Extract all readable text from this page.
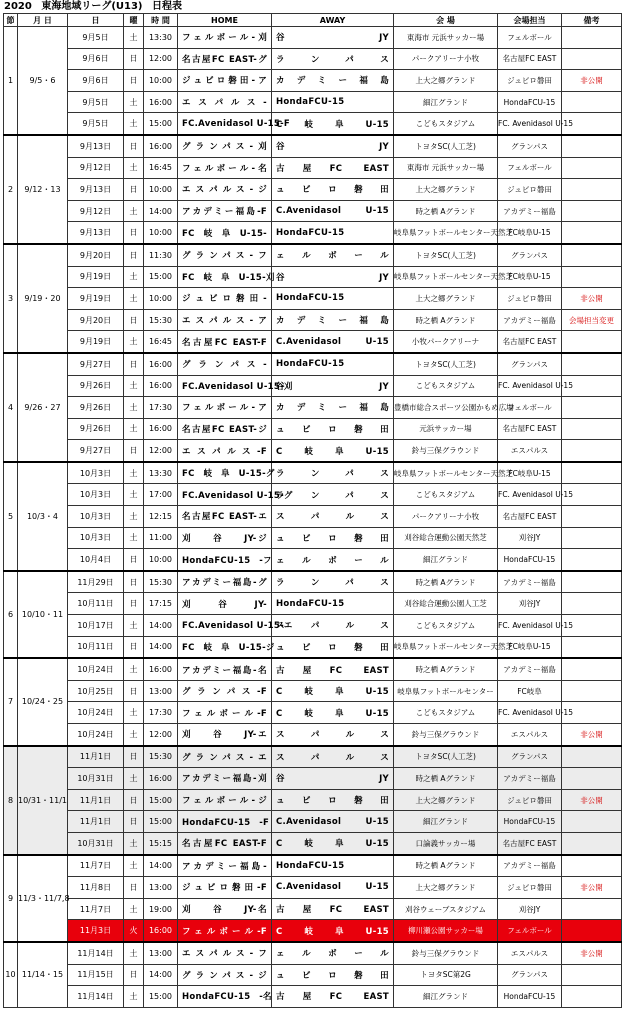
2020 東海地域リーグ(U13) 日程表
節	月 日	日	曜	時 間	HOME	AWAY	会 場	会場担当	備考
1	9/5・6	9月5日	土	13:30	フェルボール-刈	谷　　JY	東海市 元浜サッカー場	フェルボール	
		9月6日	日	12:00	名古屋FC EAST-グ	ランパス	パークアリーナ小牧	名古屋FC EAST	
		9月6日	日	10:00	ジュビロ磐田-ア	カデミー福島	上大之郷グランド	ジュビロ磐田	非公開
		9月5日	土	16:00	エスパルス-	HondaFCU-15	細江グランド	HondaFCU-15	
		9月5日	土	15:00	FC.Avenidasol U-15-F	C　岐　阜　U-15	こどもスタジアム	FC. Avenidasol U-15	
2	9/12・13	9月13日	日	16:00	グランパス-刈	谷　　JY	トヨタSC(人工芝)	グランパス	
		9月12日	土	16:45	フェルボール-名	古屋FC EAST	東海市 元浜サッカー場	フェルボール	
		9月13日	日	10:00	エスパルス-ジ	ュビロ磐田	上大之郷グランド	ジュビロ磐田	
		9月12日	土	14:00	アカデミー福島-F	C.Avenidasol U-15	時之栖 Aグランド	アカデミー福島	
		9月13日	日	10:00	FC　岐　阜　U-15-	HondaFCU-15	岐阜県フットボールセンター天然芝	FC岐阜U-15	
3	9/19・20	9月20日	日	11:30	グランパス-フ	ェルボール	トヨタSC(人工芝)	グランパス	
		9月19日	土	15:00	FC　岐　阜　U-15-刈	谷　　JY	岐阜県フットボールセンター天然芝	FC岐阜U-15	
		9月19日	土	10:00	ジュビロ磐田-	HondaFCU-15	上大之郷グランド	ジュビロ磐田	非公開
		9月20日	日	15:30	エスパルス-ア	カデミー福島	時之栖 Aグランド	アカデミー福島	会場担当変更
		9月19日	土	16:45	名古屋FC EAST-F	C.Avenidasol U-15	小牧パークアリーナ	名古屋FC EAST	
4	9/26・27	9月27日	日	16:00	グランパス-	HondaFCU-15	トヨタSC(人工芝)	グランパス	
		9月26日	土	16:00	FC.Avenidasol U-15-刈	谷　　JY	こどもスタジアム	FC. Avenidasol U-15	
		9月26日	土	17:30	フェルボール-ア	カデミー福島	豊橋市総合スポーツ公園かもめ広場	フェルボール	
		9月26日	土	16:00	名古屋FC EAST-ジ	ュビロ磐田	元浜サッカー場	名古屋FC EAST	
		9月27日	日	12:00	エスパルス-F	C　岐　阜　U-15	鈴与三保グラウンド	エスパルス	
5	10/3・4	10月3日	土	13:30	FC　岐　阜　U-15-グ	ランパス	岐阜県フットボールセンター天然芝	FC岐阜U-15	
		10月3日	土	17:00	FC.Avenidasol U-15-グ	ランパス	こどもスタジアム	FC. Avenidasol U-15	
		10月3日	土	12:15	名古屋FC EAST-エ	スパルス	パークアリーナ小牧	名古屋FC EAST	
		10月3日	土	11:00	刈　　谷　　JY-ジ	ュビロ磐田	刈谷総合運動公園天然芝	刈谷JY	
		10月4日	日	10:00	HondaFCU-15　-フ	ェルボール	細江グランド	HondaFCU-15	
6	10/10・11	11月29日	日	15:30	アカデミー福島-グ	ランパス	時之栖 Aグランド	アカデミー福島	
		10月11日	日	17:15	刈　　谷　　JY-	HondaFCU-15	刈谷総合運動公園人工芝	刈谷JY	
		10月17日	土	14:00	FC.Avenidasol U-15-エ	スパルス	こどもスタジアム	FC. Avenidasol U-15	
		10月11日	日	14:00	FC　岐　阜　U-15-ジ	ュビロ磐田	岐阜県フットボールセンター天然芝	FC岐阜U-15	
7	10/24・25	10月24日	土	16:00	アカデミー福島-名	古屋FC EAST	時之栖 Aグランド	アカデミー福島	
		10月25日	日	13:00	グランパス-F	C　岐　阜　U-15	岐阜県フットボールセンター	FC岐阜	
		10月24日	土	17:30	フェルボール-F	C　岐　阜　U-15	こどもスタジアム	FC. Avenidasol U-15	
		10月24日	土	12:00	刈　　谷　　JY-エ	スパルス	鈴与三保グラウンド	エスパルス	非公開
8	10/31・11/1	11月1日	日	15:30	グランパス-エ	スパルス	トヨタSC(人工芝)	グランパス	
		10月31日	土	16:00	アカデミー福島-刈	谷　　JY	時之栖 Aグランド	アカデミー福島	
		11月1日	日	15:00	フェルボール-ジ	ュビロ磐田	上大之郷グランド	ジュビロ磐田	非公開
		11月1日	日	15:00	HondaFCU-15　-F	C.Avenidasol U-15	細江グランド	HondaFCU-15	
		10月31日	土	15:15	名古屋FC EAST-F	C　岐　阜　U-15	口論義サッカー場	名古屋FC EAST	
9	11/3・11/7,8	11月7日	土	14:00	アカデミー福島-	HondaFCU-15	時之栖 Aグランド	アカデミー福島	
		11月8日	日	13:00	ジュビロ磐田-F	C.Avenidasol U-15	上大之郷グランド	ジュビロ磐田	非公開
		11月7日	土	19:00	刈　　谷　　JY-名	古屋FC EAST	刈谷ウェーブスタジアム	刈谷JY	
		11月3日	火	16:00	フェルボール-F	C　岐　阜　U-15	柳川瀬公園サッカー場	フェルボール	
10	11/14・15	11月14日	土	13:00	エスパルス-フ	ェルボール	鈴与三保グラウンド	エスパルス	非公開
		11月15日	日	14:00	グランパス-ジ	ュビロ磐田	トヨタSC第2G	グランパス	
		11月14日	土	15:00	HondaFCU-15　-名	古屋FC EAST	細江グランド	HondaFCU-15	
